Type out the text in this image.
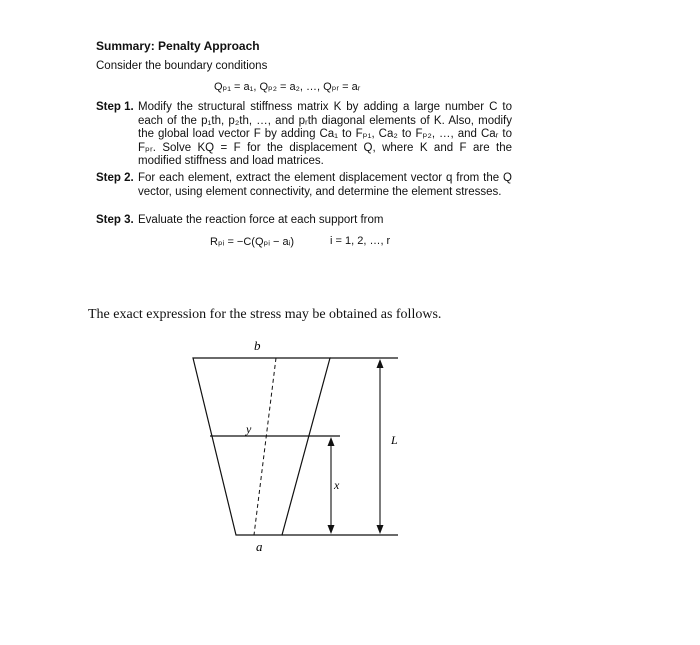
Summary: Penalty Approach
Consider the boundary conditions
Qₚ₁ = a₁, Qₚ₂ = a₂, …, Qₚᵣ = aᵣ
Step 1. Modify the structural stiffness matrix K by adding a large number C to each of the p₁th, p₂th, …, and pᵣth diagonal elements of K. Also, modify the global load vector F by adding Ca₁ to Fₚ₁, Ca₂ to Fₚ₂, …, and Caᵣ to Fₚᵣ. Solve KQ = F for the displacement Q, where K and F are the modified stiffness and load matrices.
Step 2. For each element, extract the element displacement vector q from the Q vector, using element connectivity, and determine the element stresses.
Step 3. Evaluate the reaction force at each support from
Rₚᵢ = −C(Qₚᵢ − aᵢ)	i = 1, 2, …, r
The exact expression for the stress may be obtained as follows.
b
y
x
L
a
